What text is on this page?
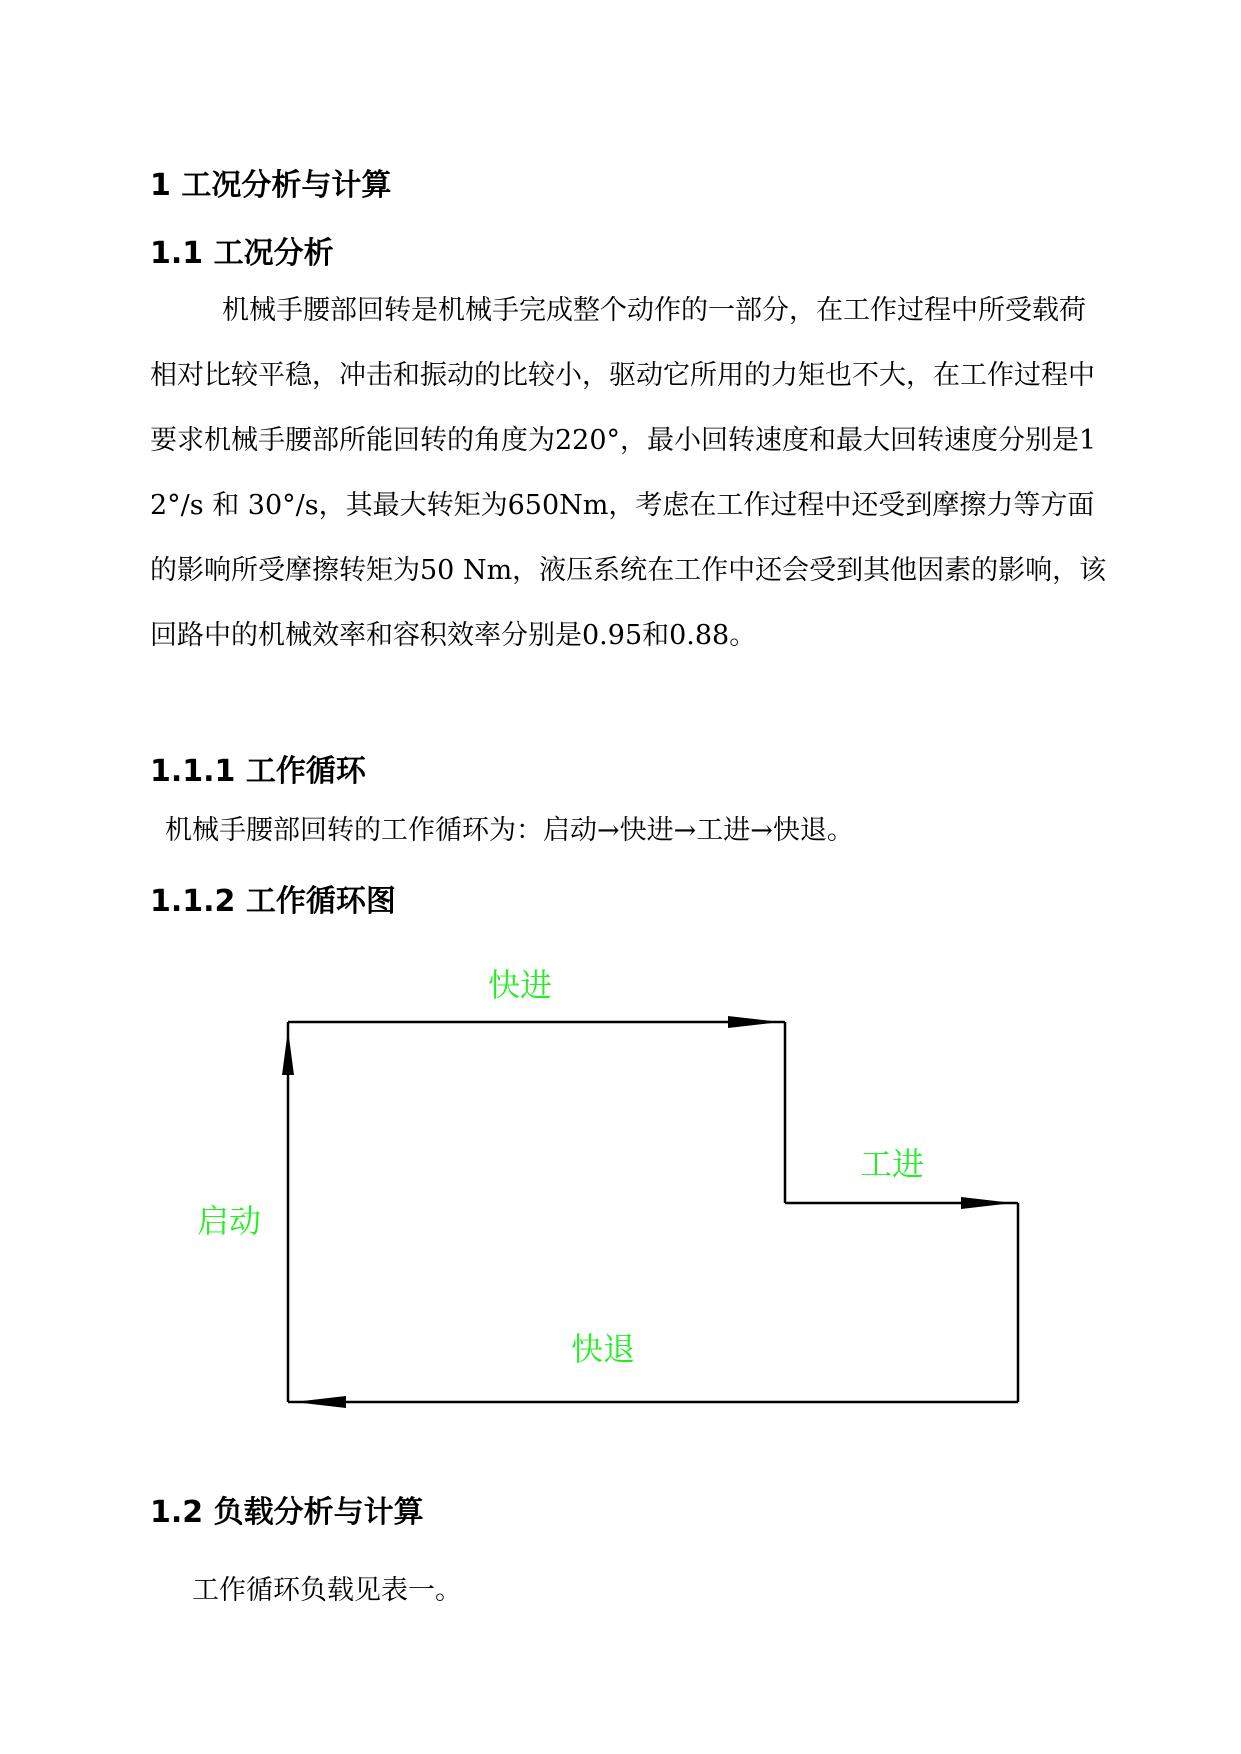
1 工况分析与计算
1.1 工况分析

机械手腰部回转是机械手完成整个动作的一部分，在工作过程中所受载荷相对比较平稳，冲击和振动的比较小，驱动它所用的力矩也不大，在工作过程中要求机械手腰部所能回转的角度为220°，最小回转速度和最大回转速度分别是12°/s 和 30°/s，其最大转矩为650Nm，考虑在工作过程中还受到摩擦力等方面的影响所受摩擦转矩为50 Nm，液压系统在工作中还会受到其他因素的影响，该回路中的机械效率和容积效率分别是0.95和0.88。

1.1.1 工作循环

机械手腰部回转的工作循环为：启动→快进→工进→快退。

1.1.2 工作循环图
快进
工进
启动
快退
1.2 负载分析与计算

工作循环负载见表一。
